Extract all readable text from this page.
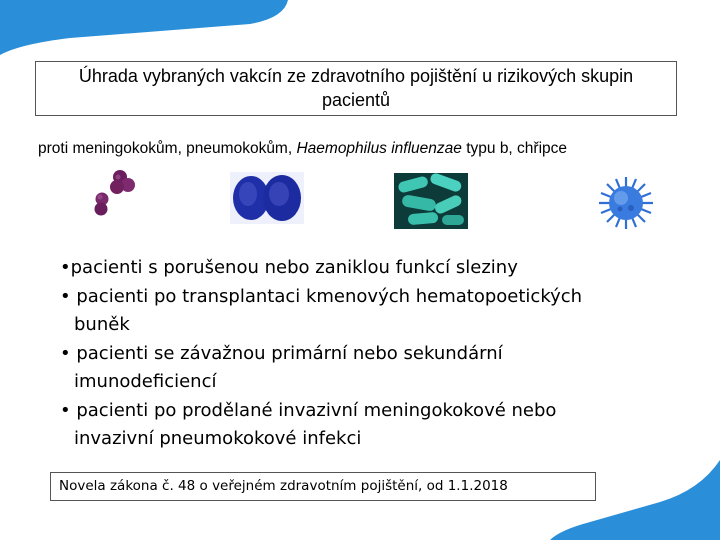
Úhrada vybraných vakcín ze zdravotního pojištění u rizikových skupin
pacientů
proti meningokokům, pneumokokům, Haemophilus influenzae typu b, chřipce
•pacienti s porušenou nebo zaniklou funkcí sleziny
• pacienti po transplantaci kmenových hematopoetických
buněk
• pacienti se závažnou primární nebo sekundární
imunodeficiencí
• pacienti po prodělané invazivní meningokokové nebo
invazivní pneumokokové infekci
Novela zákona č. 48 o veřejném zdravotním pojištění, od 1.1.2018
